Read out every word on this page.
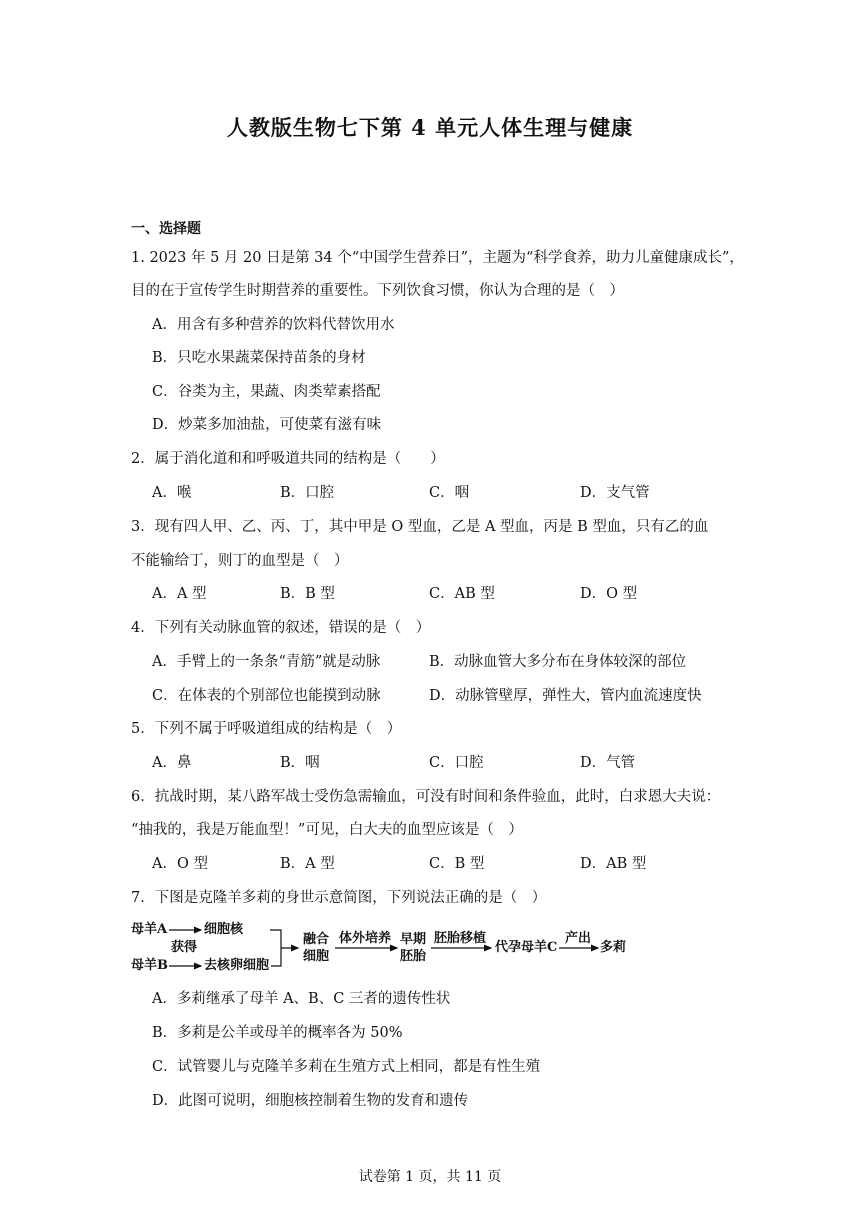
人教版生物七下第 4 单元人体生理与健康
一、选择题
1. 2023 年 5 月 20 日是第 34 个“中国学生营养日”，主题为“科学食养，助力儿童健康成长”，
目的在于宣传学生时期营养的重要性。下列饮食习惯，你认为合理的是（　）
A．用含有多种营养的饮料代替饮用水
B．只吃水果蔬菜保持苗条的身材
C．谷类为主，果蔬、肉类荤素搭配
D．炒菜多加油盐，可使菜有滋有味
2．属于消化道和和呼吸道共同的结构是（　　）
A．喉	B．口腔	C．咽	D．支气管
3．现有四人甲、乙、丙、丁，其中甲是 O 型血，乙是 A 型血，丙是 B 型血，只有乙的血
不能输给丁，则丁的血型是（　）
A．A 型	B．B 型	C．AB 型	D．O 型
4．下列有关动脉血管的叙述，错误的是（　）
A．手臂上的一条条“青筋”就是动脉	B．动脉血管大多分布在身体较深的部位
C．在体表的个别部位也能摸到动脉	D．动脉管壁厚，弹性大，管内血流速度快
5．下列不属于呼吸道组成的结构是（　）
A．鼻	B．咽	C．口腔	D．气管
6．抗战时期，某八路军战士受伤急需输血，可没有时间和条件验血，此时，白求恩大夫说：
“抽我的，我是万能血型！”可见，白大夫的血型应该是（　）
A．O 型	B．A 型	C．B 型	D．AB 型
7．下图是克隆羊多莉的身世示意简图，下列说法正确的是（　）
母羊A
母羊B
获得
细胞核
去核卵细胞
融合
细胞
体外培养 早期
胚胎
胚胎移植
代孕母羊C
产出
多莉
A．多莉继承了母羊 A、B、C 三者的遗传性状
B．多莉是公羊或母羊的概率各为 50%
C．试管婴儿与克隆羊多莉在生殖方式上相同，都是有性生殖
D．此图可说明，细胞核控制着生物的发育和遗传
试卷第 1 页，共 11 页
